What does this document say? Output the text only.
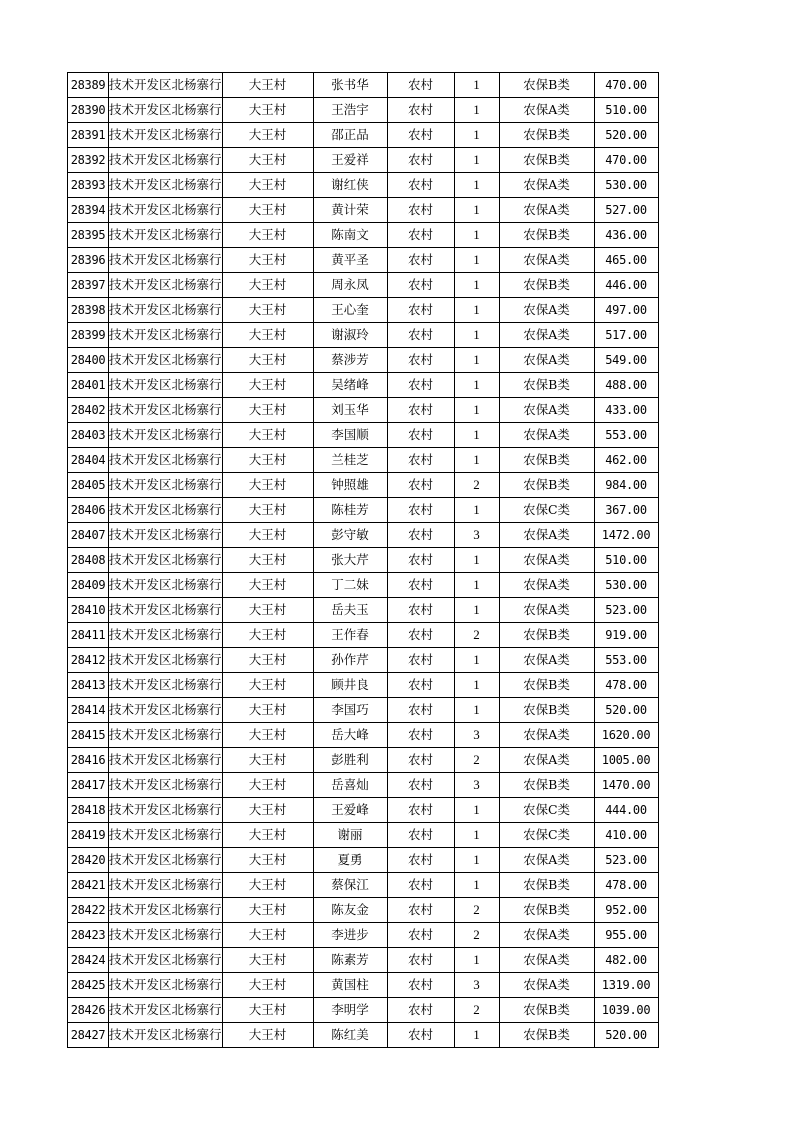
28389	技术开发区北杨寨行	大王村	张书华	农村	1	农保B类	470.00
28390	技术开发区北杨寨行	大王村	王浩宇	农村	1	农保A类	510.00
28391	技术开发区北杨寨行	大王村	邵正品	农村	1	农保B类	520.00
28392	技术开发区北杨寨行	大王村	王爱祥	农村	1	农保B类	470.00
28393	技术开发区北杨寨行	大王村	谢红侠	农村	1	农保A类	530.00
28394	技术开发区北杨寨行	大王村	黄计荣	农村	1	农保A类	527.00
28395	技术开发区北杨寨行	大王村	陈南文	农村	1	农保B类	436.00
28396	技术开发区北杨寨行	大王村	黄平圣	农村	1	农保A类	465.00
28397	技术开发区北杨寨行	大王村	周永凤	农村	1	农保B类	446.00
28398	技术开发区北杨寨行	大王村	王心奎	农村	1	农保A类	497.00
28399	技术开发区北杨寨行	大王村	谢淑玲	农村	1	农保A类	517.00
28400	技术开发区北杨寨行	大王村	蔡涉芳	农村	1	农保A类	549.00
28401	技术开发区北杨寨行	大王村	吴绪峰	农村	1	农保B类	488.00
28402	技术开发区北杨寨行	大王村	刘玉华	农村	1	农保A类	433.00
28403	技术开发区北杨寨行	大王村	李国顺	农村	1	农保A类	553.00
28404	技术开发区北杨寨行	大王村	兰桂芝	农村	1	农保B类	462.00
28405	技术开发区北杨寨行	大王村	钟照雄	农村	2	农保B类	984.00
28406	技术开发区北杨寨行	大王村	陈桂芳	农村	1	农保C类	367.00
28407	技术开发区北杨寨行	大王村	彭守敏	农村	3	农保A类	1472.00
28408	技术开发区北杨寨行	大王村	张大芹	农村	1	农保A类	510.00
28409	技术开发区北杨寨行	大王村	丁二妹	农村	1	农保A类	530.00
28410	技术开发区北杨寨行	大王村	岳夫玉	农村	1	农保A类	523.00
28411	技术开发区北杨寨行	大王村	王作春	农村	2	农保B类	919.00
28412	技术开发区北杨寨行	大王村	孙作芹	农村	1	农保A类	553.00
28413	技术开发区北杨寨行	大王村	顾井良	农村	1	农保B类	478.00
28414	技术开发区北杨寨行	大王村	李国巧	农村	1	农保B类	520.00
28415	技术开发区北杨寨行	大王村	岳大峰	农村	3	农保A类	1620.00
28416	技术开发区北杨寨行	大王村	彭胜利	农村	2	农保A类	1005.00
28417	技术开发区北杨寨行	大王村	岳喜灿	农村	3	农保B类	1470.00
28418	技术开发区北杨寨行	大王村	王爱峰	农村	1	农保C类	444.00
28419	技术开发区北杨寨行	大王村	谢丽	农村	1	农保C类	410.00
28420	技术开发区北杨寨行	大王村	夏勇	农村	1	农保A类	523.00
28421	技术开发区北杨寨行	大王村	蔡保江	农村	1	农保B类	478.00
28422	技术开发区北杨寨行	大王村	陈友金	农村	2	农保B类	952.00
28423	技术开发区北杨寨行	大王村	李进步	农村	2	农保A类	955.00
28424	技术开发区北杨寨行	大王村	陈素芳	农村	1	农保A类	482.00
28425	技术开发区北杨寨行	大王村	黄国柱	农村	3	农保A类	1319.00
28426	技术开发区北杨寨行	大王村	李明学	农村	2	农保B类	1039.00
28427	技术开发区北杨寨行	大王村	陈红美	农村	1	农保B类	520.00
